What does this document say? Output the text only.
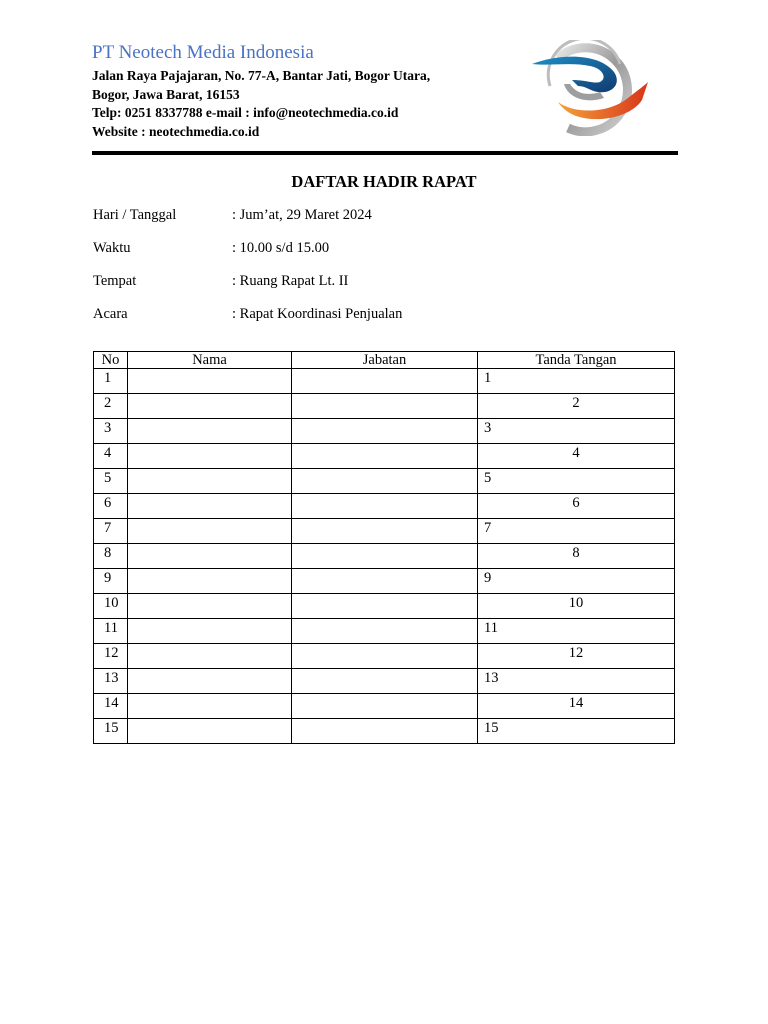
PT Neotech Media Indonesia
Jalan Raya Pajajaran, No. 77-A, Bantar Jati, Bogor Utara,
Bogor, Jawa Barat, 16153
Telp: 0251 8337788 e-mail : info@neotechmedia.co.id
Website : neotechmedia.co.id
DAFTAR HADIR RAPAT
Hari / Tanggal	: Jum’at, 29 Maret 2024
Waktu	: 10.00 s/d 15.00
Tempat	: Ruang Rapat Lt. II
Acara	: Rapat Koordinasi Penjualan
No	Nama	Jabatan	Tanda Tangan
1			1
2			2

3			3
4			4

5			5
6			6

7			7
8			8

9			9
10			10

11			11
12			12

13			13
14			14

15			15
